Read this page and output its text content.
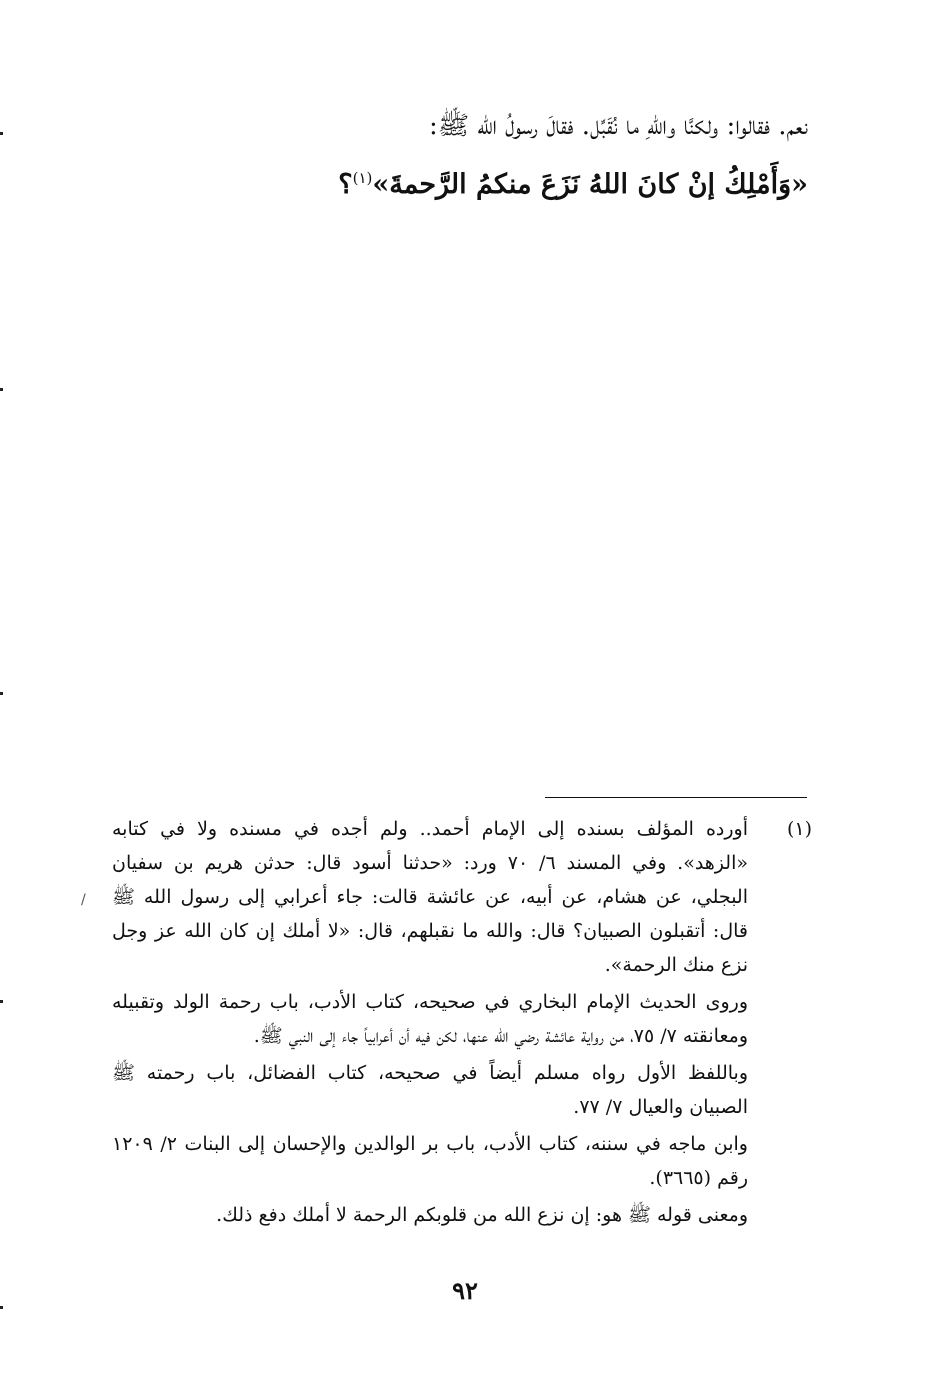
نعم. فقالوا: ولكنَّا واللهِ ما نُقَبِّل. فقالَ رسولُ الله ﷺ:
«وَأَمْلِكُ إنْ كانَ اللهُ نَزَعَ منكمُ الرَّحمةَ»$^{(١)}$؟
(١)

أورده المؤلف بسنده إلى الإمام أحمد.. ولم أجده في مسنده ولا في كتابه «الزهد». وفي المسند ٦/ ٧٠ ورد: «حدثنا أسود قال: حدثن هريم بن سفيان البجلي، عن هشام، عن أبيه، عن عائشة قالت: جاء أعرابي إلى رسول الله ﷺ قال: أتقبلون الصبيان؟ قال: والله ما نقبلهم، قال: «لا أملك إن كان الله عز وجل نزع منك الرحمة».

وروى الحديث الإمام البخاري في صحيحه، كتاب الأدب، باب رحمة الولد وتقبيله ومعانقته ٧/ ٧٥، من رواية عائشة رضي الله عنها، لكن فيه أن أعرابياً جاء إلى النبي ﷺ.

وباللفظ الأول رواه مسلم أيضاً في صحيحه، كتاب الفضائل، باب رحمته ﷺ الصبيان والعيال ٧/ ٧٧.

وابن ماجه في سننه، كتاب الأدب، باب بر الوالدين والإحسان إلى البنات ٢/ ١٢٠٩ رقم (٣٦٦٥).

ومعنى قوله ﷺ هو: إن نزع الله من قلوبكم الرحمة لا أملك دفع ذلك.

٩٢
/
